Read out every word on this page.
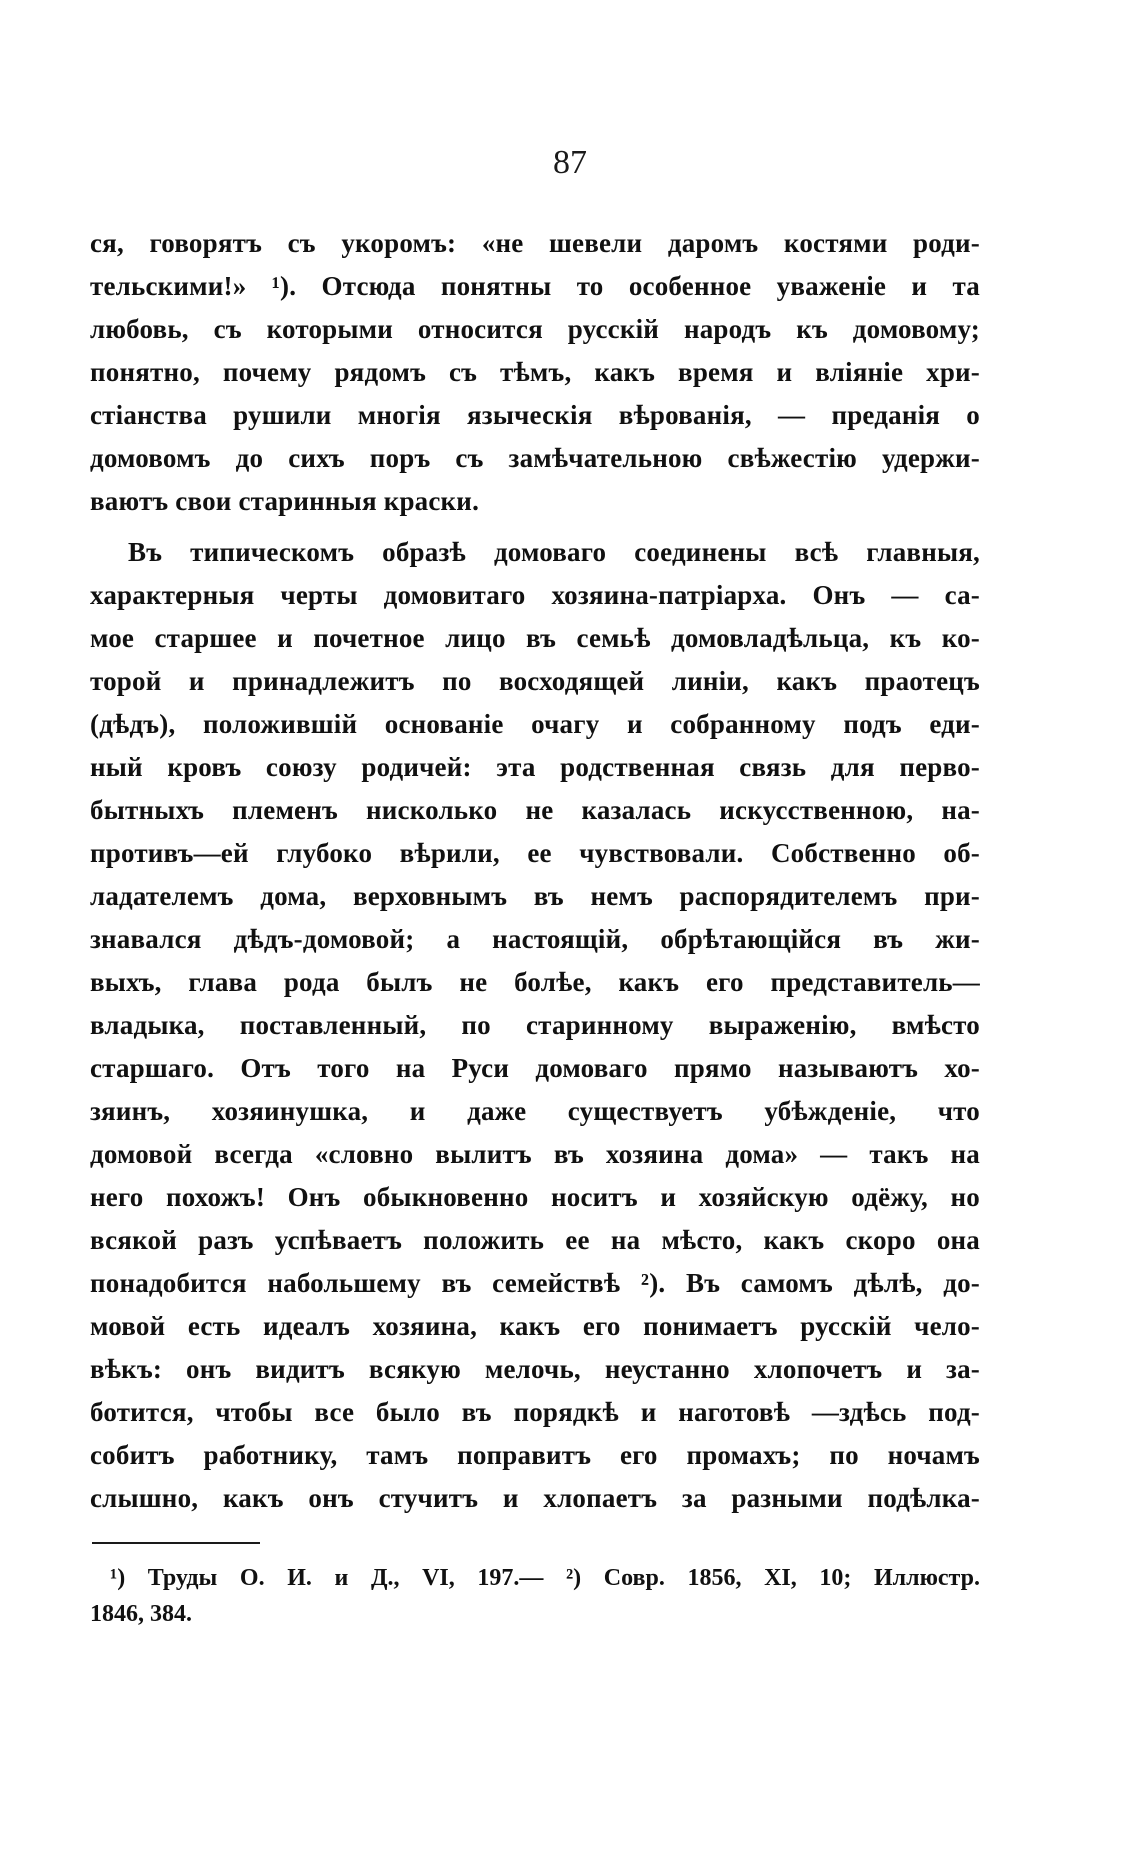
87
ся, говорятъ съ укоромъ: «не шевели даромъ костями роди-
тельскими!» ¹). Отсюда понятны то особенное уваженіе и та
любовь, съ которыми относится русскій народъ къ домовому;
понятно, почему рядомъ съ тѣмъ, какъ время и вліяніе хри-
стіанства рушили многія языческія вѣрованія, — преданія о
домовомъ до сихъ поръ съ замѣчательною свѣжестію удержи-
ваютъ свои старинныя краски.
Въ типическомъ образѣ домоваго соединены всѣ главныя,
характерныя черты домовитаго хозяина-патріарха. Онъ — са-
мое старшее и почетное лицо въ семьѣ домовладѣльца, къ ко-
торой и принадлежитъ по восходящей линіи, какъ праотецъ
(дѣдъ), положившій основаніе очагу и собранному подъ еди-
ный кровъ союзу родичей: эта родственная связь для перво-
бытныхъ племенъ нисколько не казалась искусственною, на-
противъ—ей глубоко вѣрили, ее чувствовали. Собственно об-
ладателемъ дома, верховнымъ въ немъ распорядителемъ при-
знавался дѣдъ-домовой; а настоящій, обрѣтающійся въ жи-
выхъ, глава рода былъ не болѣе, какъ его представитель—
владыка, поставленный, по старинному выраженію, вмѣсто
старшаго. Отъ того на Руси домоваго прямо называютъ хо-
зяинъ, хозяинушка, и даже существуетъ убѣжденіе, что
домовой всегда «словно вылитъ въ хозяина дома» — такъ на
него похожъ! Онъ обыкновенно носитъ и хозяйскую одёжу, но
всякой разъ успѣваетъ положить ее на мѣсто, какъ скоро она
понадобится набольшему въ семействѣ ²). Въ самомъ дѣлѣ, до-
мовой есть идеалъ хозяина, какъ его понимаетъ русскій чело-
вѣкъ: онъ видитъ всякую мелочь, неустанно хлопочетъ и за-
ботится, чтобы все было въ порядкѣ и наготовѣ —здѣсь под-
собитъ работнику, тамъ поправитъ его промахъ; по ночамъ
слышно, какъ онъ стучитъ и хлопаетъ за разными подѣлка-
¹) Труды О. И. и Д., VI, 197.— ²) Совр. 1856, XI, 10; Иллюстр.
1846, 384.
